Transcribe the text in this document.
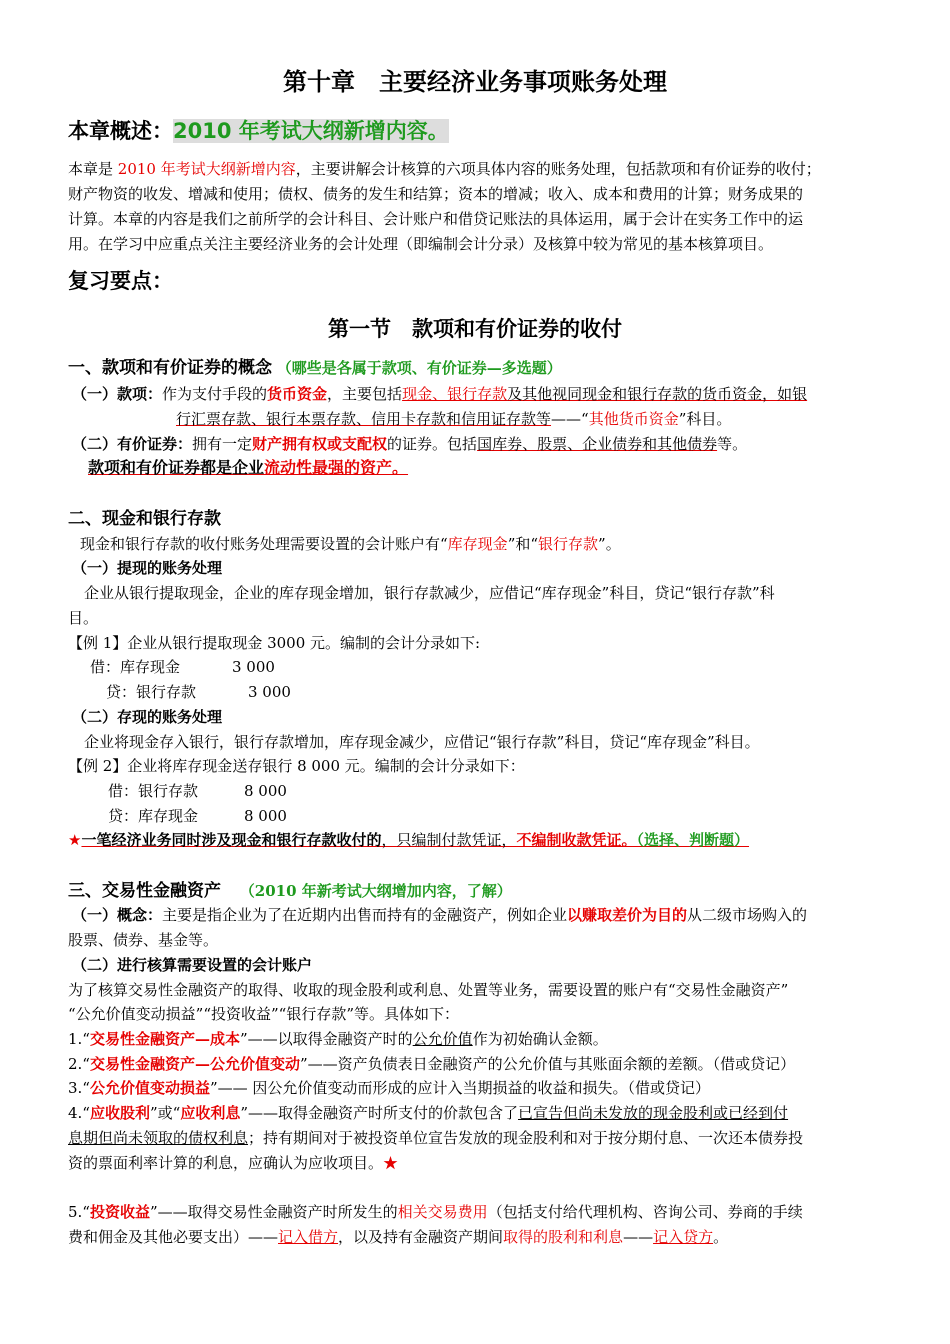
第十章　主要经济业务事项账务处理
本章概述：2010 年考试大纲新增内容。
本章是 2010 年考试大纲新增内容，主要讲解会计核算的六项具体内容的账务处理，包括款项和有价证券的收付；
财产物资的收发、增减和使用；债权、债务的发生和结算；资本的增减；收入、成本和费用的计算；财务成果的
计算。本章的内容是我们之前所学的会计科目、会计账户和借贷记账法的具体运用，属于会计在实务工作中的运
用。在学习中应重点关注主要经济业务的会计处理（即编制会计分录）及核算中较为常见的基本核算项目。
复习要点：
第一节　款项和有价证券的收付
一、款项和有价证券的概念 （哪些是各属于款项、有价证券—多选题）
（一）款项：作为支付手段的货币资金，主要包括现金、银行存款及其他视同现金和银行存款的货币资金，如银
行汇票存款、银行本票存款、信用卡存款和信用证存款等——“其他货币资金”科目。
（二）有价证券：拥有一定财产拥有权或支配权的证券。包括国库券、股票、企业债券和其他债券等。
款项和有价证券都是企业流动性最强的资产。
二、现金和银行存款
现金和银行存款的收付账务处理需要设置的会计账户有“库存现金”和“银行存款”。
（一）提现的账务处理
企业从银行提取现金，企业的库存现金增加，银行存款减少，应借记“库存现金”科目，贷记“银行存款”科
目。
【例 1】企业从银行提取现金 3000 元。编制的会计分录如下:
借：库存现金	3 000
贷：银行存款	3 000
（二）存现的账务处理
企业将现金存入银行，银行存款增加，库存现金减少，应借记“银行存款”科目，贷记“库存现金”科目。
【例 2】企业将库存现金送存银行 8 000 元。编制的会计分录如下：
借：银行存款	8 000
贷：库存现金	8 000
★一笔经济业务同时涉及现金和银行存款收付的，只编制付款凭证，不编制收款凭证。（选择、判断题）
三、交易性金融资产 （2010 年新考试大纲增加内容，了解）
（一）概念：主要是指企业为了在近期内出售而持有的金融资产，例如企业以赚取差价为目的从二级市场购入的
股票、债券、基金等。
（二）进行核算需要设置的会计账户
为了核算交易性金融资产的取得、收取的现金股利或利息、处置等业务，需要设置的账户有“交易性金融资产”
“公允价值变动损益”“投资收益”“银行存款”等。具体如下：
1.“交易性金融资产—成本”——以取得金融资产时的公允价值作为初始确认金额。
2.“交易性金融资产—公允价值变动”——资产负债表日金融资产的公允价值与其账面余额的差额。（借或贷记）
3.“公允价值变动损益”—— 因公允价值变动而形成的应计入当期损益的收益和损失。（借或贷记）
4.“应收股利”或“应收利息”——取得金融资产时所支付的价款包含了已宣告但尚未发放的现金股利或已经到付
息期但尚未领取的债权利息；持有期间对于被投资单位宣告发放的现金股利和对于按分期付息、一次还本债券投
资的票面利率计算的利息，应确认为应收项目。★
5.“投资收益”——取得交易性金融资产时所发生的相关交易费用（包括支付给代理机构、咨询公司、券商的手续
费和佣金及其他必要支出）——记入借方，以及持有金融资产期间取得的股利和利息——记入贷方。
